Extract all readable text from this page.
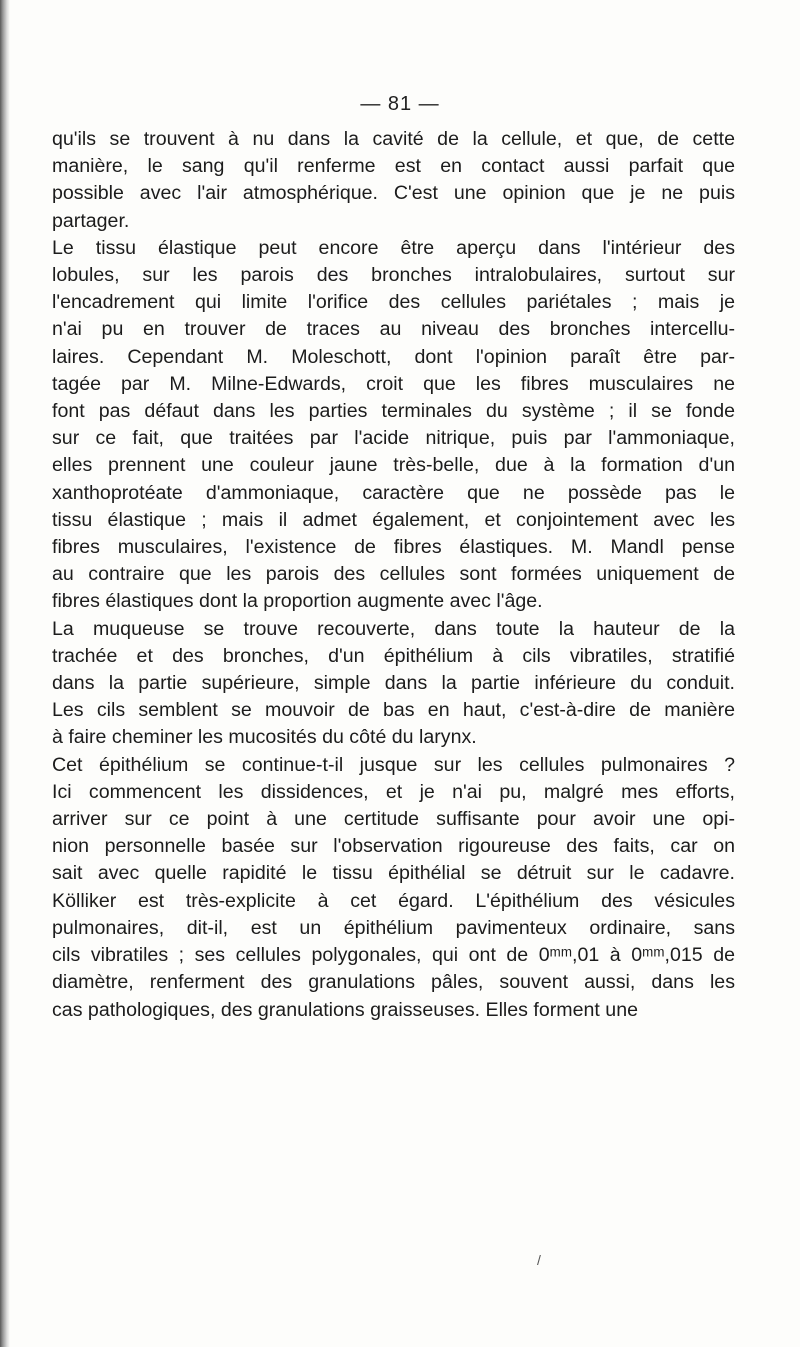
— 81 —
qu'ils se trouvent à nu dans la cavité de la cellule, et que, de cette
manière, le sang qu'il renferme est en contact aussi parfait que
possible avec l'air atmosphérique. C'est une opinion que je ne puis
partager.
Le tissu élastique peut encore être aperçu dans l'intérieur des
lobules, sur les parois des bronches intralobulaires, surtout sur
l'encadrement qui limite l'orifice des cellules pariétales ; mais je
n'ai pu en trouver de traces au niveau des bronches intercellu-
laires. Cependant M. Moleschott, dont l'opinion paraît être par-
tagée par M. Milne-Edwards, croit que les fibres musculaires ne
font pas défaut dans les parties terminales du système ; il se fonde
sur ce fait, que traitées par l'acide nitrique, puis par l'ammoniaque,
elles prennent une couleur jaune très-belle, due à la formation d'un
xanthoprotéate d'ammoniaque, caractère que ne possède pas le
tissu élastique ; mais il admet également, et conjointement avec les
fibres musculaires, l'existence de fibres élastiques. M. Mandl pense
au contraire que les parois des cellules sont formées uniquement de
fibres élastiques dont la proportion augmente avec l'âge.
La muqueuse se trouve recouverte, dans toute la hauteur de la
trachée et des bronches, d'un épithélium à cils vibratiles, stratifié
dans la partie supérieure, simple dans la partie inférieure du conduit.
Les cils semblent se mouvoir de bas en haut, c'est-à-dire de manière
à faire cheminer les mucosités du côté du larynx.
Cet épithélium se continue-t-il jusque sur les cellules pulmonaires ?
Ici commencent les dissidences, et je n'ai pu, malgré mes efforts,
arriver sur ce point à une certitude suffisante pour avoir une opi-
nion personnelle basée sur l'observation rigoureuse des faits, car on
sait avec quelle rapidité le tissu épithélial se détruit sur le cadavre.
Kölliker est très-explicite à cet égard. L'épithélium des vésicules
pulmonaires, dit-il, est un épithélium pavimenteux ordinaire, sans
cils vibratiles ; ses cellules polygonales, qui ont de 0ᵐᵐ,01 à 0ᵐᵐ,015 de
diamètre, renferment des granulations pâles, souvent aussi, dans les
cas pathologiques, des granulations graisseuses. Elles forment une
/
